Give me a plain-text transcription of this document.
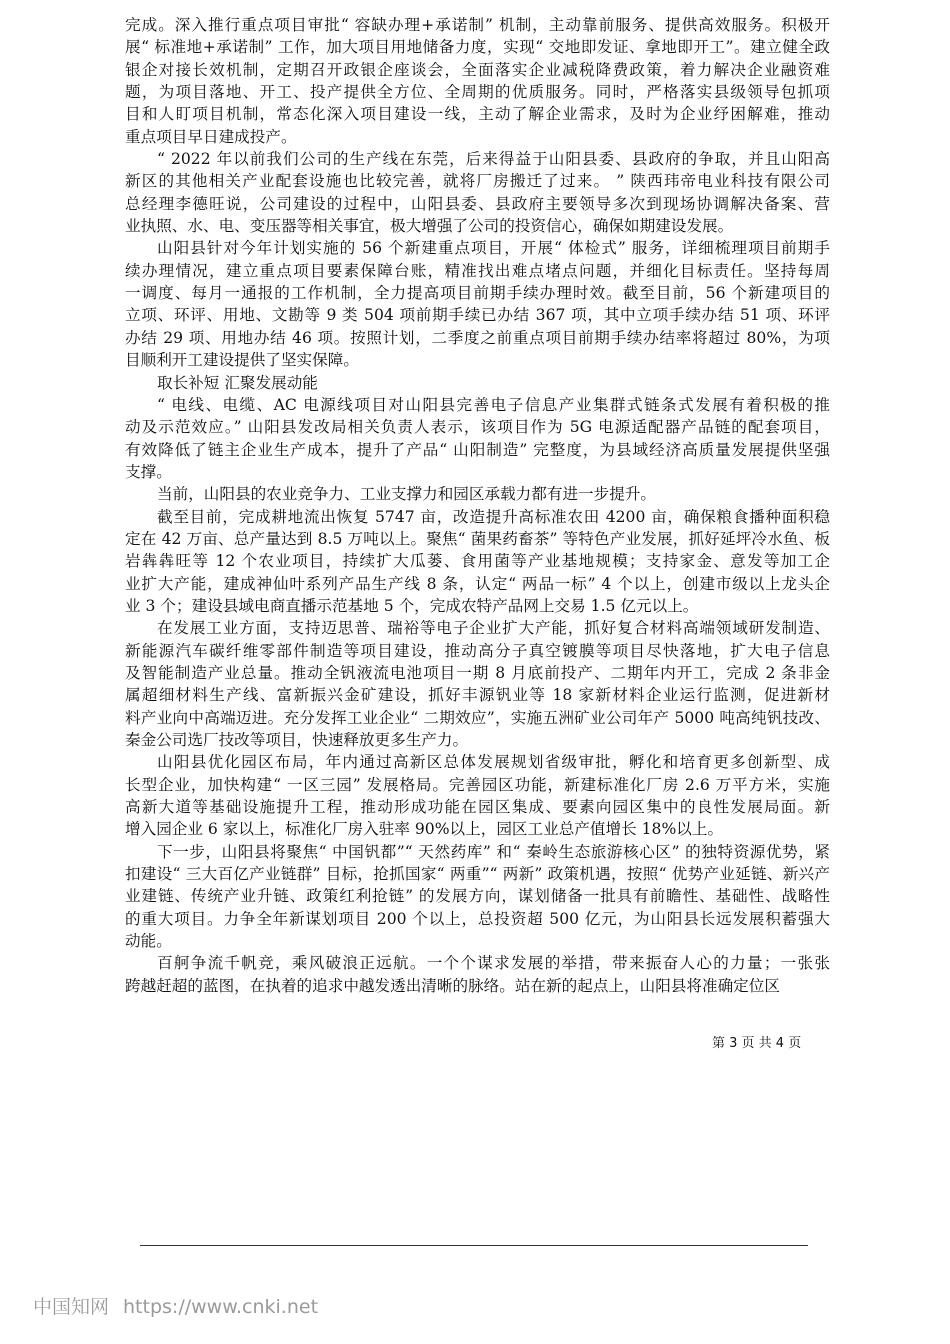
完成。深入推行重点项目审批“ 容缺办理+承诺制” 机制，主动靠前服务、提供高效服务。积极开
展“ 标准地+承诺制” 工作，加大项目用地储备力度，实现“ 交地即发证、拿地即开工”。建立健全政
银企对接长效机制，定期召开政银企座谈会，全面落实企业减税降费政策，着力解决企业融资难
题，为项目落地、开工、投产提供全方位、全周期的优质服务。同时，严格落实县级领导包抓项
目和人盯项目机制，常态化深入项目建设一线，主动了解企业需求，及时为企业纾困解难，推动
重点项目早日建成投产。
“ 2022 年以前我们公司的生产线在东莞，后来得益于山阳县委、县政府的争取，并且山阳高
新区的其他相关产业配套设施也比较完善，就将厂房搬迁了过来。 ” 陕西玮帝电业科技有限公司
总经理李德旺说，公司建设的过程中，山阳县委、县政府主要领导多次到现场协调解决备案、营
业执照、水、电、变压器等相关事宜，极大增强了公司的投资信心，确保如期建设发展。
山阳县针对今年计划实施的 56 个新建重点项目，开展“ 体检式” 服务，详细梳理项目前期手
续办理情况，建立重点项目要素保障台账，精准找出难点堵点问题，并细化目标责任。坚持每周
一调度、每月一通报的工作机制，全力提高项目前期手续办理时效。截至目前，56 个新建项目的
立项、环评、用地、文勘等 9 类 504 项前期手续已办结 367 项，其中立项手续办结 51 项、环评
办结 29 项、用地办结 46 项。按照计划，二季度之前重点项目前期手续办结率将超过 80%，为项
目顺利开工建设提供了坚实保障。
取长补短 汇聚发展动能
“ 电线、电缆、AC 电源线项目对山阳县完善电子信息产业集群式链条式发展有着积极的推
动及示范效应。” 山阳县发改局相关负责人表示，该项目作为 5G 电源适配器产品链的配套项目，
有效降低了链主企业生产成本，提升了产品“ 山阳制造” 完整度，为县域经济高质量发展提供坚强
支撑。
当前，山阳县的农业竞争力、工业支撑力和园区承载力都有进一步提升。
截至目前，完成耕地流出恢复 5747 亩，改造提升高标准农田 4200 亩，确保粮食播种面积稳
定在 42 万亩、总产量达到 8.5 万吨以上。聚焦“ 菌果药畜茶” 等特色产业发展，抓好延坪冷水鱼、板
岩犇犇旺等 12 个农业项目，持续扩大瓜蒌、食用菌等产业基地规模；支持家金、意发等加工企
业扩大产能，建成神仙叶系列产品生产线 8 条，认定“ 两品一标” 4 个以上，创建市级以上龙头企
业 3 个；建设县域电商直播示范基地 5 个，完成农特产品网上交易 1.5 亿元以上。
在发展工业方面，支持迈思普、瑞裕等电子企业扩大产能，抓好复合材料高端领域研发制造、
新能源汽车碳纤维零部件制造等项目建设，推动高分子真空镀膜等项目尽快落地，扩大电子信息
及智能制造产业总量。推动全钒液流电池项目一期 8 月底前投产、二期年内开工，完成 2 条非金
属超细材料生产线、富新振兴金矿建设，抓好丰源钒业等 18 家新材料企业运行监测，促进新材
料产业向中高端迈进。充分发挥工业企业“ 二期效应”，实施五洲矿业公司年产 5000 吨高纯钒技改、
秦金公司选厂技改等项目，快速释放更多生产力。
山阳县优化园区布局，年内通过高新区总体发展规划省级审批，孵化和培育更多创新型、成
长型企业，加快构建“ 一区三园” 发展格局。完善园区功能，新建标准化厂房 2.6 万平方米，实施
高新大道等基础设施提升工程，推动形成功能在园区集成、要素向园区集中的良性发展局面。新
增入园企业 6 家以上，标准化厂房入驻率 90%以上，园区工业总产值增长 18%以上。
下一步，山阳县将聚焦“ 中国钒都”“ 天然药库” 和“ 秦岭生态旅游核心区” 的独特资源优势，紧
扣建设“ 三大百亿产业链群” 目标，抢抓国家“ 两重”“ 两新” 政策机遇，按照“ 优势产业延链、新兴产
业建链、传统产业升链、政策红利抢链” 的发展方向，谋划储备一批具有前瞻性、基础性、战略性
的重大项目。力争全年新谋划项目 200 个以上，总投资超 500 亿元，为山阳县长远发展积蓄强大
动能。
百舸争流千帆竞，乘风破浪正远航。一个个谋求发展的举措，带来振奋人心的力量；一张张
跨越赶超的蓝图，在执着的追求中越发透出清晰的脉络。站在新的起点上，山阳县将准确定位区
第 3 页 共 4 页
中国知网 https://www.cnki.net
